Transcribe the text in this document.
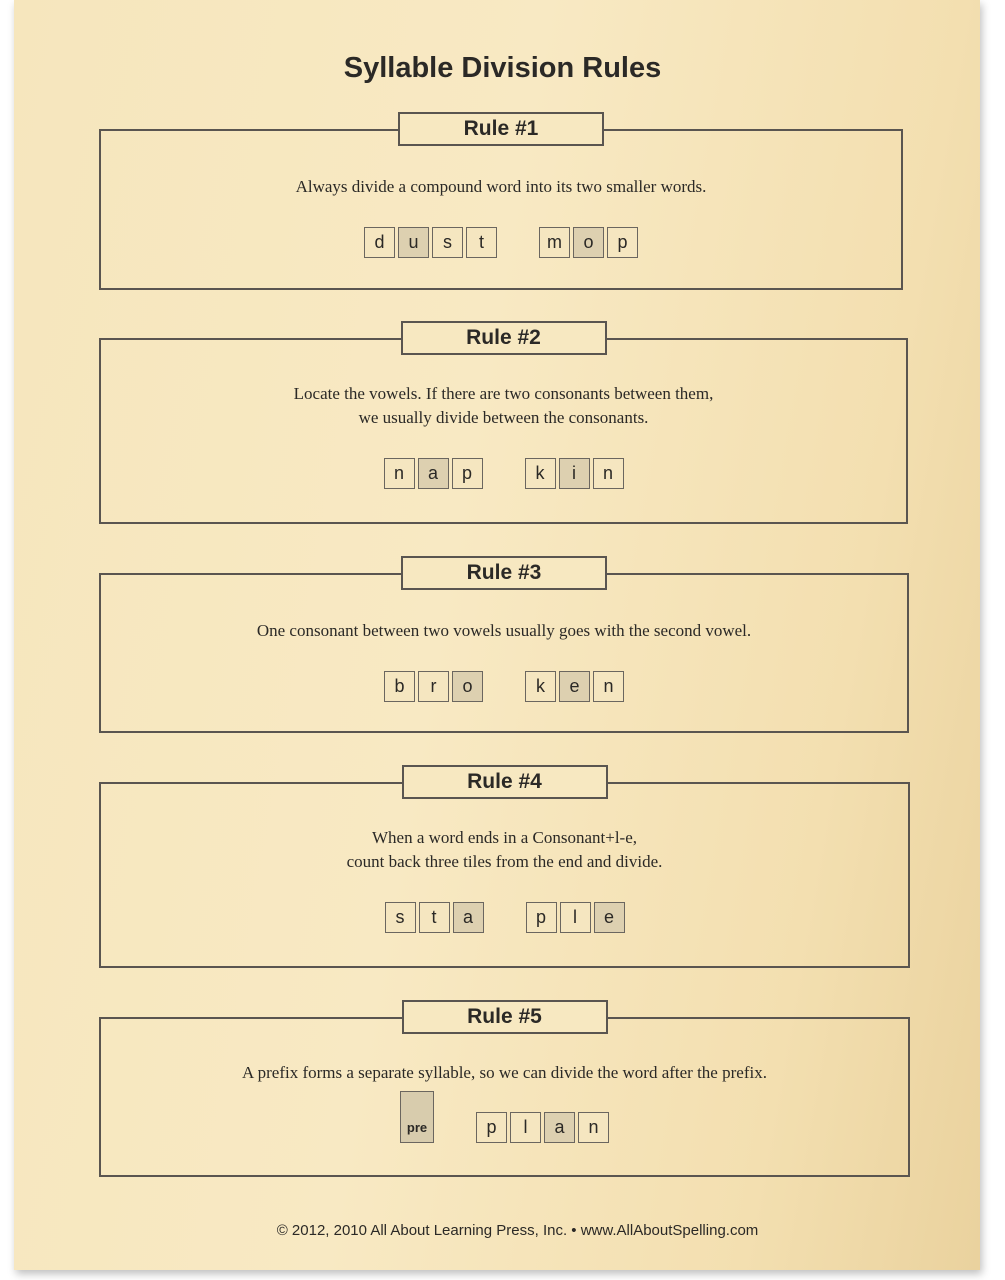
Syllable Division Rules
Rule #1
Always divide a compound word into its two smaller words.
d	u	s	t	m	o	p
Rule #2
Locate the vowels. If there are two consonants between them,
we usually divide between the consonants.
n	a	p	k	i	n
Rule #3
One consonant between two vowels usually goes with the second vowel.
b	r	o	k	e	n
Rule #4
When a word ends in a Consonant+l-e,
count back three tiles from the end and divide.
s	t	a	p	l	e
Rule #5
A prefix forms a separate syllable, so we can divide the word after the prefix.
pre	p	l	a	n
© 2012, 2010 All About Learning Press, Inc. • www.AllAboutSpelling.com
